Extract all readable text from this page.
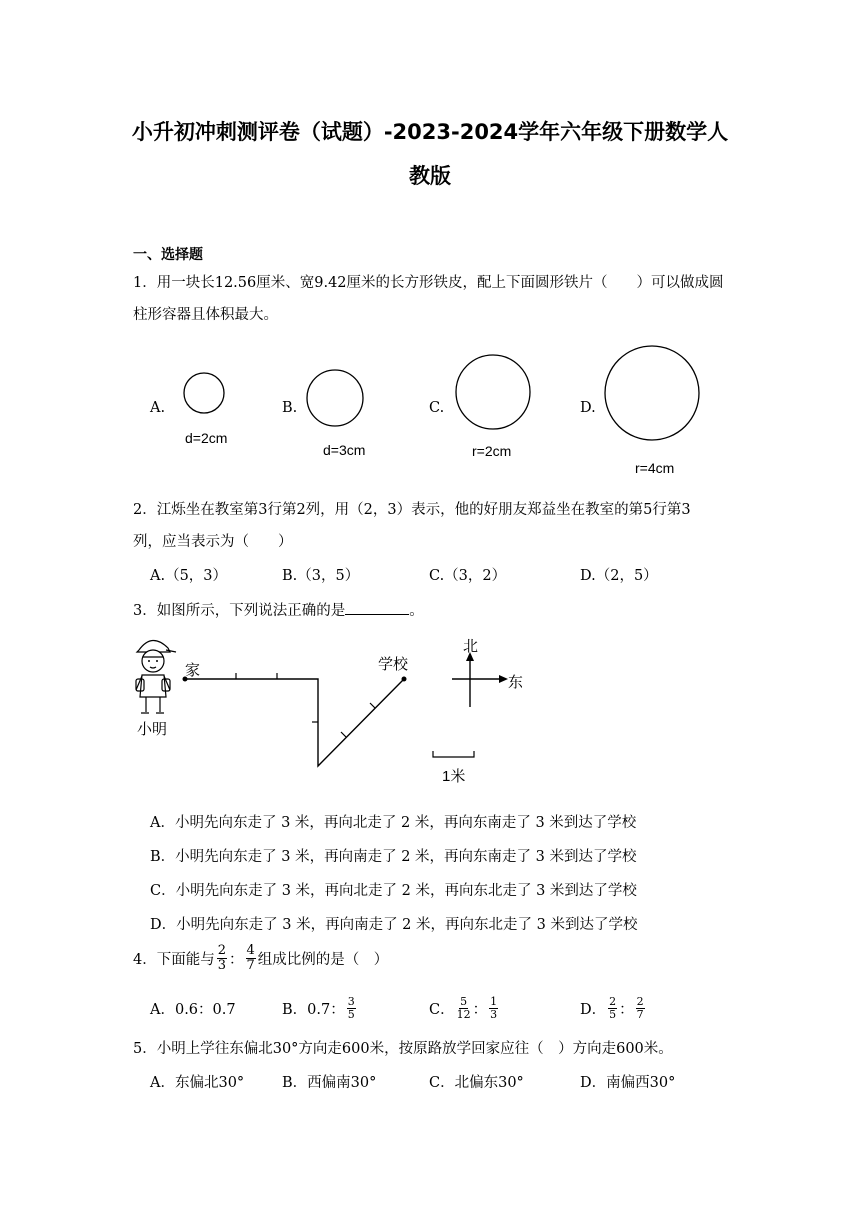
小升初冲刺测评卷（试题）-2023-2024学年六年级下册数学人
教版
一、选择题
1．用一块长12.56厘米、宽9.42厘米的长方形铁皮，配上下面圆形铁片（　　）可以做成圆
柱形容器且体积最大。
A.	B.	C.	D.
d=2cm
d=3cm	r=2cm
r=4cm
2．江烁坐在教室第3行第2列，用（2，3）表示，他的好朋友郑益坐在教室的第5行第3
列，应当表示为（　　）
A.（5，3）	B.（3，5）	C.（3，2）	D.（2，5）
3．如图所示，下列说法正确的是	。
家	学校
小明
北
东
1米
A．小明先向东走了 3 米，再向北走了 2 米，再向东南走了 3 米到达了学校
B．小明先向东走了 3 米，再向南走了 2 米，再向东南走了 3 米到达了学校
C．小明先向东走了 3 米，再向北走了 2 米，再向东北走了 3 米到达了学校
D．小明先向东走了 3 米，再向南走了 2 米，再向东北走了 3 米到达了学校
4．下面能与 $\frac{2}{3}$ ： $\frac{4}{7}$ 组成比例的是（　）
A．0.6：0.7	B．0.7： $\frac{3}{5}$	C． $\frac{5}{12}$ ： $\frac{1}{3}$	D． $\frac{2}{5}$ ： $\frac{2}{7}$
5．小明上学往东偏北30°方向走600米，按原路放学回家应往（　）方向走600米。
A．东偏北30°	B．西偏南30°	C．北偏东30°	D．南偏西30°
